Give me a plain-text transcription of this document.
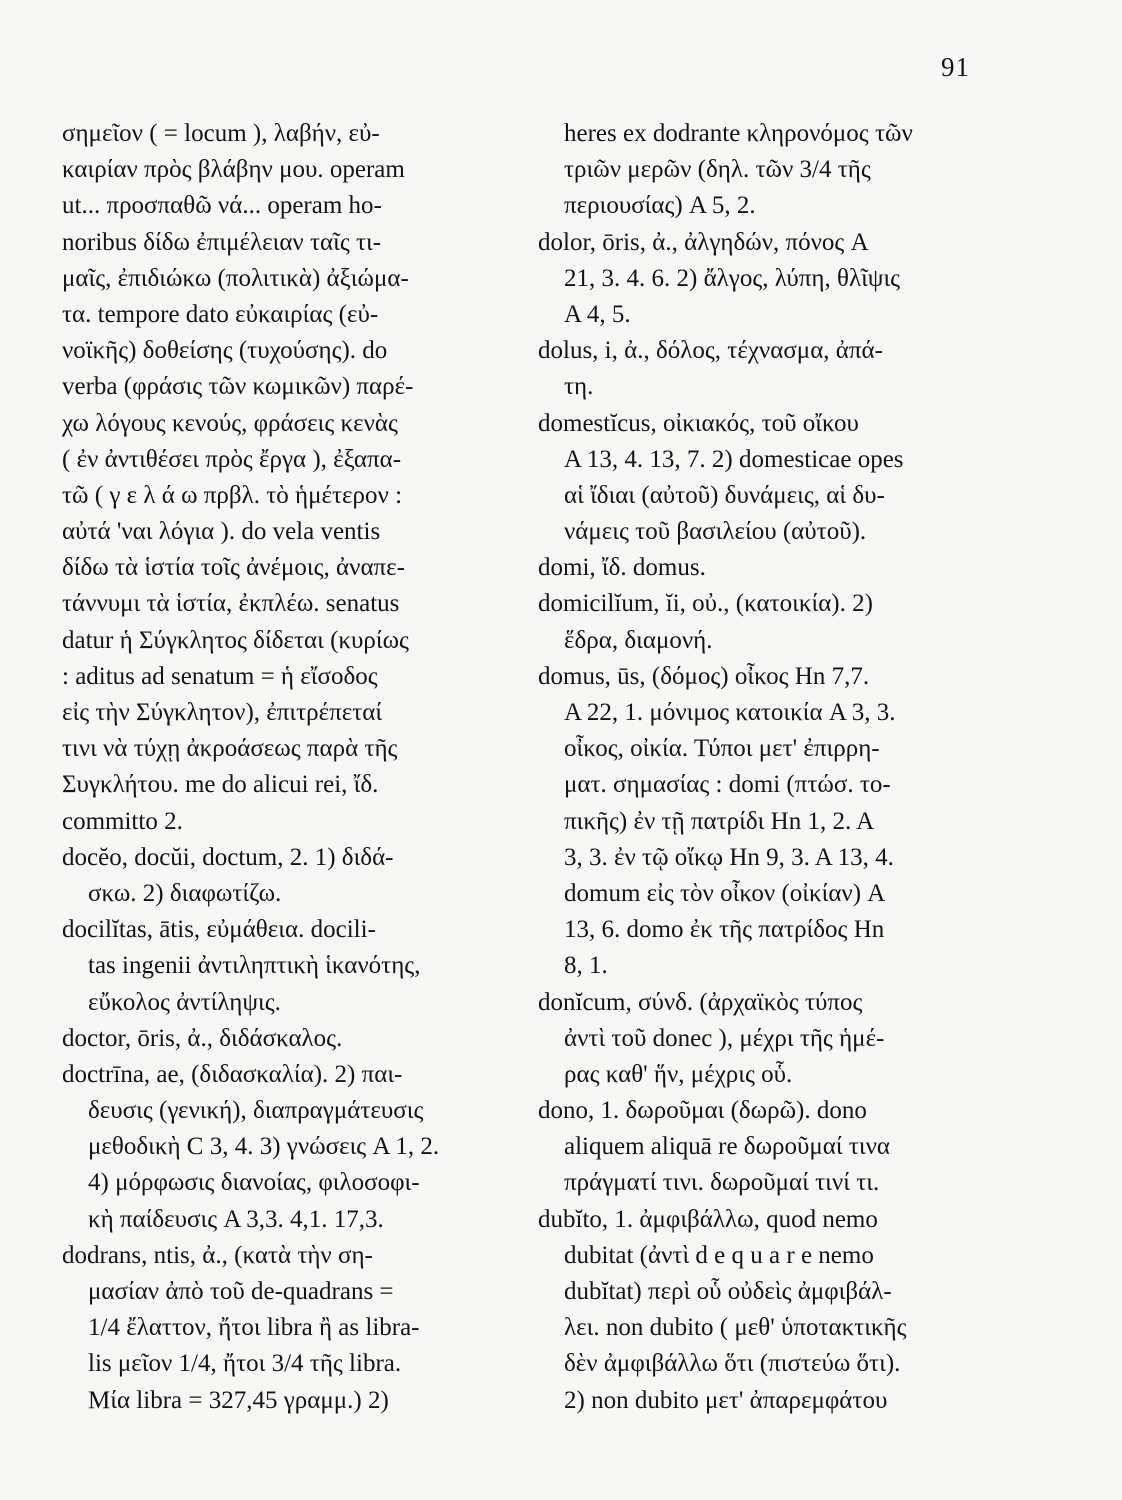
91
σημεῖον ( = locum ), λαβήν, εὐ-
καιρίαν πρὸς βλάβην μου. operam
ut... προσπαθῶ νά... operam ho-
noribus δίδω ἐπιμέλειαν ταῖς τι-
μαῖς, ἐπιδιώκω (πολιτικὰ) ἀξιώμα-
τα. tempore dato εὐκαιρίας (εὐ-
νοϊκῆς) δοθείσης (τυχούσης). do
verba (φράσις τῶν κωμικῶν) παρέ-
χω λόγους κενούς, φράσεις κενὰς
( ἐν ἀντιθέσει πρὸς ἔργα ), ἐξαπα-
τῶ ( γ ε λ ά ω πρβλ. τὸ ἡμέτερον :
αὐτά 'ναι λόγια ). do vela ventis
δίδω τὰ ἱστία τοῖς ἀνέμοις, ἀναπε-
τάννυμι τὰ ἱστία, ἐκπλέω. senatus
datur ἡ Σύγκλητος δίδεται (κυρίως
: aditus ad senatum = ἡ εἴσοδος
εἰς τὴν Σύγκλητον), ἐπιτρέπεταί
τινι νὰ τύχῃ ἀκροάσεως παρὰ τῆς
Συγκλήτου. me do alicui rei, ἴδ.
committo 2.
docĕo, docŭi, doctum, 2. 1) διδά-
σκω. 2) διαφωτίζω.
docilĭtas, ātis, εὐμάθεια. docili-
tas ingenii ἀντιληπτικὴ ἱκανότης,
εὔκολος ἀντίληψις.
doctor, ōris, ἀ., διδάσκαλος.
doctrīna, ae, (διδασκαλία). 2) παι-
δευσις (γενική), διαπραγμάτευσις
μεθοδικὴ C 3, 4. 3) γνώσεις A 1, 2.
4) μόρφωσις διανοίας, φιλοσοφι-
κὴ παίδευσις A 3,3. 4,1. 17,3.
dodrans, ntis, ἀ., (κατὰ τὴν ση-
μασίαν ἀπὸ τοῦ de-quadrans =
1/4 ἔλαττον, ἤτοι libra ἢ as libra-
lis μεῖον 1/4, ἤτοι 3/4 τῆς libra.
Μία libra = 327,45 γραμμ.) 2)
heres ex dodrante κληρονόμος τῶν
τριῶν μερῶν (δηλ. τῶν 3/4 τῆς
περιουσίας) A 5, 2.
dolor, ōris, ἀ., ἀλγηδών, πόνος A
21, 3. 4. 6. 2) ἄλγος, λύπη, θλῖψις
A 4, 5.
dolus, i, ἀ., δόλος, τέχνασμα, ἀπά-
τη.
domestĭcus, οἰκιακός, τοῦ οἴκου
A 13, 4. 13, 7. 2) domesticae opes
αἱ ἴδιαι (αὐτοῦ) δυνάμεις, αἱ δυ-
νάμεις τοῦ βασιλείου (αὐτοῦ).
domi, ἴδ. domus.
domicilĭum, ĭi, οὐ., (κατοικία). 2)
ἕδρα, διαμονή.
domus, ūs, (δόμος) οἶκος Hn 7,7.
A 22, 1. μόνιμος κατοικία A 3, 3.
οἶκος, οἰκία. Τύποι μετ' ἐπιρρη-
ματ. σημασίας : domi (πτώσ. το-
πικῆς) ἐν τῇ πατρίδι Hn 1, 2. A
3, 3. ἐν τῷ οἴκῳ Hn 9, 3. A 13, 4.
domum εἰς τὸν οἶκον (οἰκίαν) A
13, 6. domo ἐκ τῆς πατρίδος Hn
8, 1.
donĭcum, σύνδ. (ἀρχαϊκὸς τύπος
ἀντὶ τοῦ donec ), μέχρι τῆς ἡμέ-
ρας καθ' ἥν, μέχρις οὗ.
dono, 1. δωροῦμαι (δωρῶ). dono
aliquem aliquā re δωροῦμαί τινα
πράγματί τινι. δωροῦμαί τινί τι.
dubĭto, 1. ἀμφιβάλλω, quod nemo
dubitat (ἀντὶ d e q u a r e nemo
dubĭtat) περὶ οὗ οὐδεὶς ἀμφιβάλ-
λει. non dubito ( μεθ' ὑποτακτικῆς
δὲν ἀμφιβάλλω ὅτι (πιστεύω ὅτι).
2) non dubito μετ' ἀπαρεμφάτου
